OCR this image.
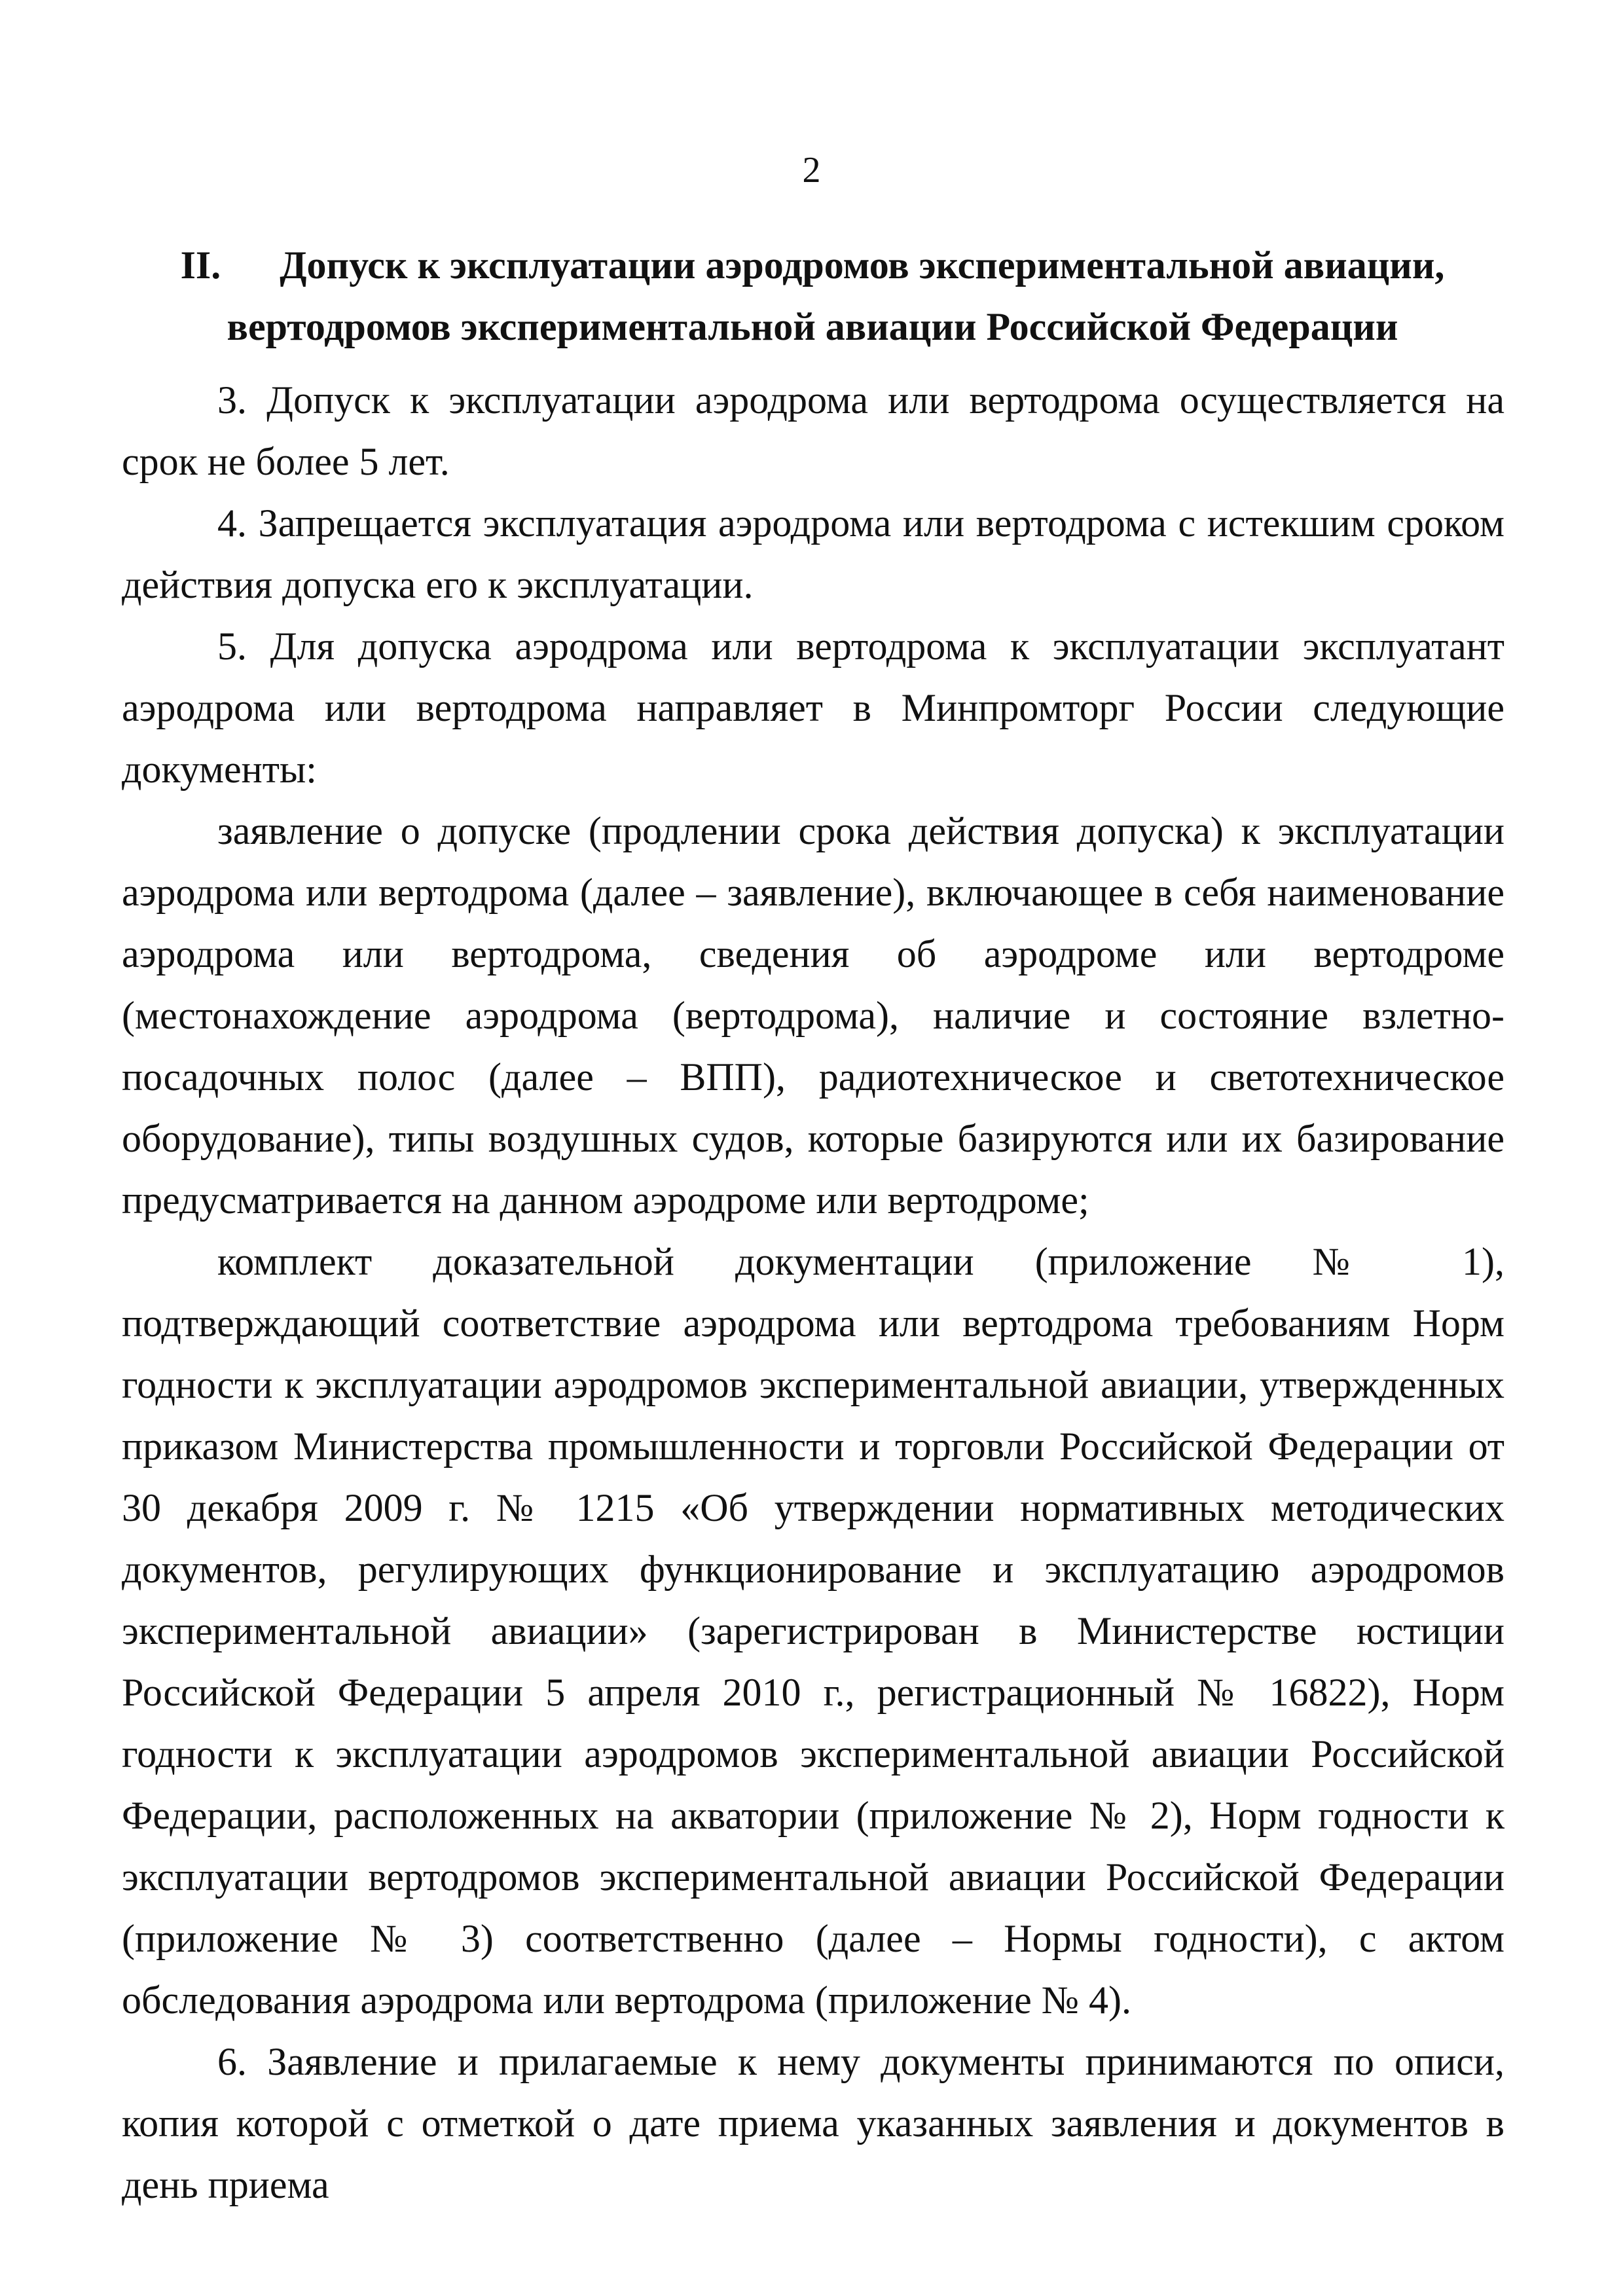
2
II. Допуск к эксплуатации аэродромов экспериментальной авиации,
вертодромов экспериментальной авиации Российской Федерации

3. Допуск к эксплуатации аэродрома или вертодрома осуществляется на срок не более 5 лет.

4. Запрещается эксплуатация аэродрома или вертодрома с истекшим сроком действия допуска его к эксплуатации.

5. Для допуска аэродрома или вертодрома к эксплуатации эксплуатант аэродрома или вертодрома направляет в Минпромторг России следующие документы:

заявление о допуске (продлении срока действия допуска) к эксплуатации аэродрома или вертодрома (далее – заявление), включающее в себя наименование аэродрома или вертодрома, сведения об аэродроме или вертодроме (местонахождение аэродрома (вертодрома), наличие и состояние взлетно-посадочных полос (далее – ВПП), радиотехническое и светотехническое оборудование), типы воздушных судов, которые базируются или их базирование предусматривается на данном аэродроме или вертодроме;

комплект доказательной документации (приложение № 1), подтверждающий соответствие аэродрома или вертодрома требованиям Норм годности к эксплуатации аэродромов экспериментальной авиации, утвержденных приказом Министерства промышленности и торговли Российской Федерации от 30 декабря 2009 г. № 1215 «Об утверждении нормативных методических документов, регулирующих функционирование и эксплуатацию аэродромов экспериментальной авиации» (зарегистрирован в Министерстве юстиции Российской Федерации 5 апреля 2010 г., регистрационный № 16822), Норм годности к эксплуатации аэродромов экспериментальной авиации Российской Федерации, расположенных на акватории (приложение № 2), Норм годности к эксплуатации вертодромов экспериментальной авиации Российской Федерации (приложение № 3) соответственно (далее – Нормы годности), с актом обследования аэродрома или вертодрома (приложение № 4).

6. Заявление и прилагаемые к нему документы принимаются по описи, копия которой с отметкой о дате приема указанных заявления и документов в день приема
